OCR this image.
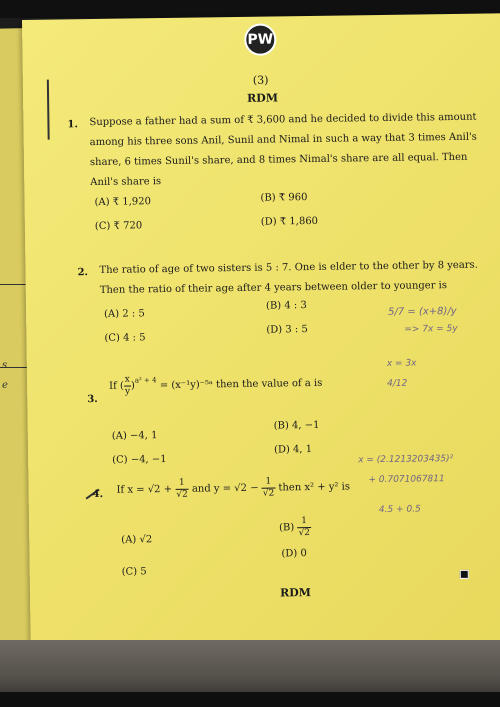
s
e
PW
(3)
RDM
1. Suppose a father had a sum of ₹ 3,600 and he decided to divide this amount
among his three sons Anil, Sunil and Nimal in such a way that 3 times Anil's
share, 6 times Sunil's share, and 8 times Nimal's share are all equal. Then
Anil's share is
(A) ₹ 1,920	(B) ₹ 960
(C) ₹ 720	(D) ₹ 1,860
2. The ratio of age of two sisters is 5 : 7. One is elder to the other by 8 years.
Then the ratio of their age after 4 years between older to younger is
(A) 2 : 5
(B) 4 : 3
(C) 4 : 5
(D) 3 : 5
3.
If ( $\frac{x}{y} )^{a^2 + 4}$ = (x⁻¹y)⁻⁵ᵃ then the value of a is
(A) −4, 1
(B) 4, −1
(C) −4, −1
(D) 4, 1
4. If $x = √2 + \frac{1}{√2}$ and $y = √2 - \frac{1}{√2}$ then x² + y² is
(A) √2
$(B) \frac{1}{√2}$
(C) 5
(D) 0
RDM
5/7 = (x+8)/y
=> 7x = 5y
x = 3x
4/12
x = (2.1213203435)²
+ 0.7071067811
4.5 + 0.5
